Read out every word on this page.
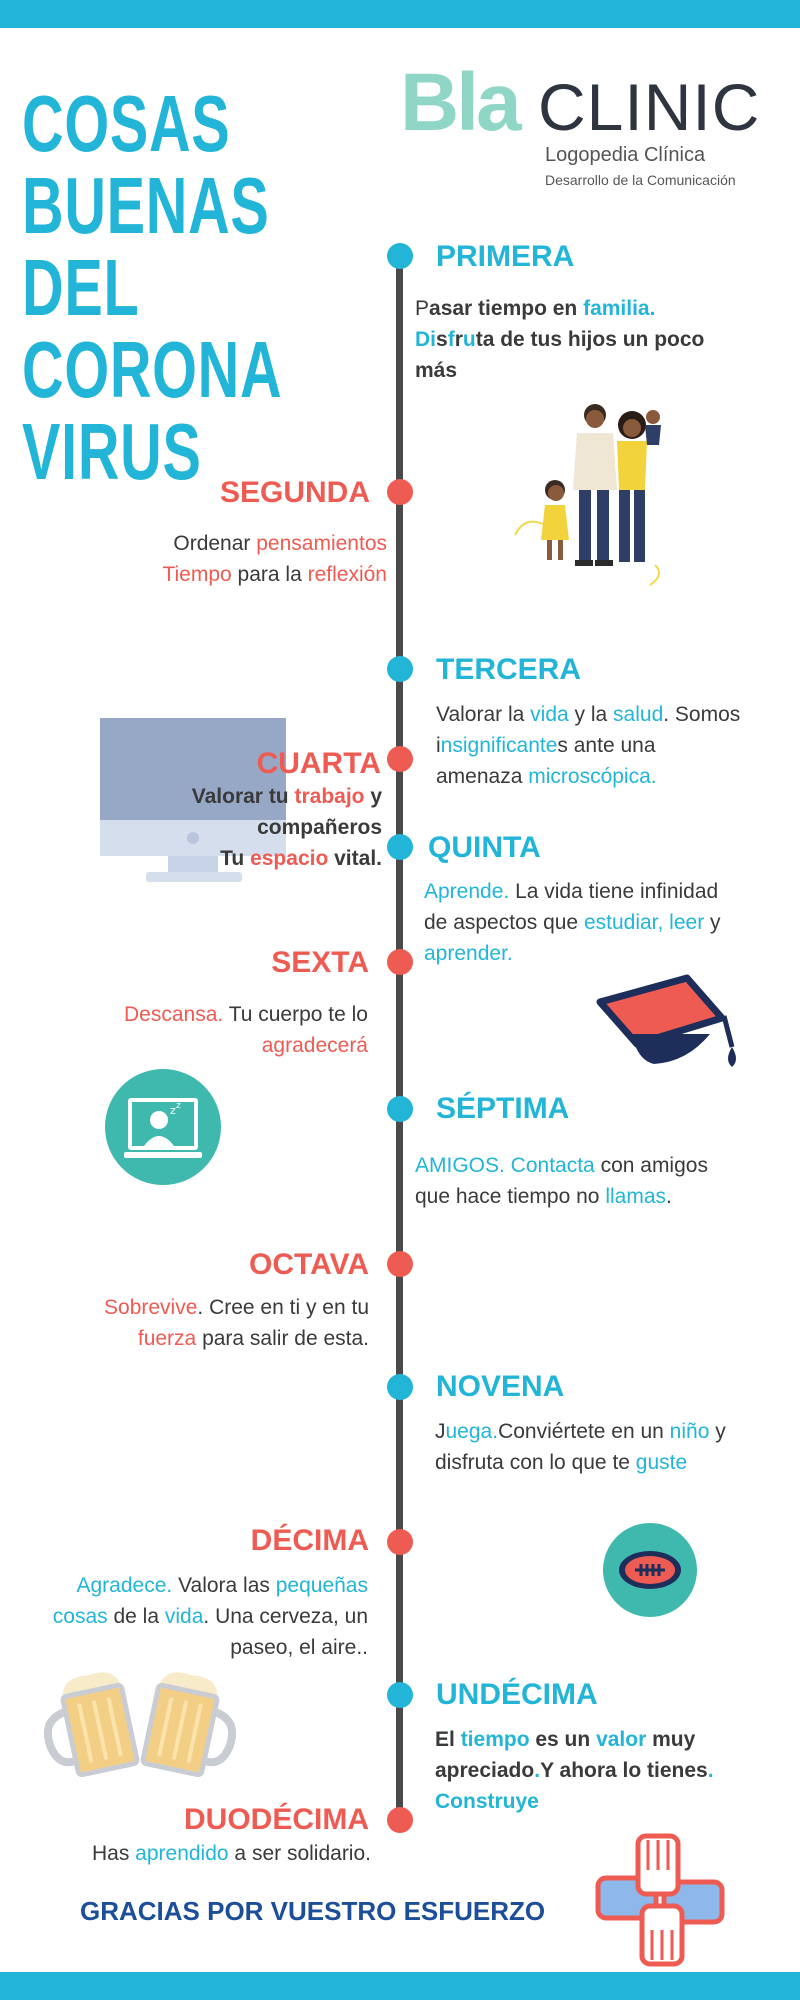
COSAS
BUENAS
DEL
CORONA
VIRUS
Bla CLINIC
Logopedia Clínica
Desarrollo de la Comunicación
PRIMERA
Pasar tiempo en familia.
Disfruta de tus hijos un poco
más
SEGUNDA
Ordenar pensamientos
Tiempo para la reflexión
TERCERA
Valorar la vida y la salud. Somos
insignificantes ante una
amenaza microscópica.
CUARTA
Valorar tu trabajo y
compañeros
Tu espacio vital. QUINTA
Aprende. La vida tiene infinidad
de aspectos que estudiar, leer y
aprender.
SEXTA
Descansa. Tu cuerpo te lo
agradecerá
z z	SÉPTIMA
AMIGOS. Contacta con amigos
que hace tiempo no llamas.
OCTAVA
Sobrevive. Cree en ti y en tu
fuerza para salir de esta.
NOVENA
Juega.Conviértete en un niño y
disfruta con lo que te guste
DÉCIMA
Agradece. Valora las pequeñas
cosas de la vida. Una cerveza, un
paseo, el aire..
UNDÉCIMA
El tiempo es un valor muy
apreciado.Y ahora lo tienes.
Construye
DUODÉCIMA
Has aprendido a ser solidario.
GRACIAS POR VUESTRO ESFUERZO
